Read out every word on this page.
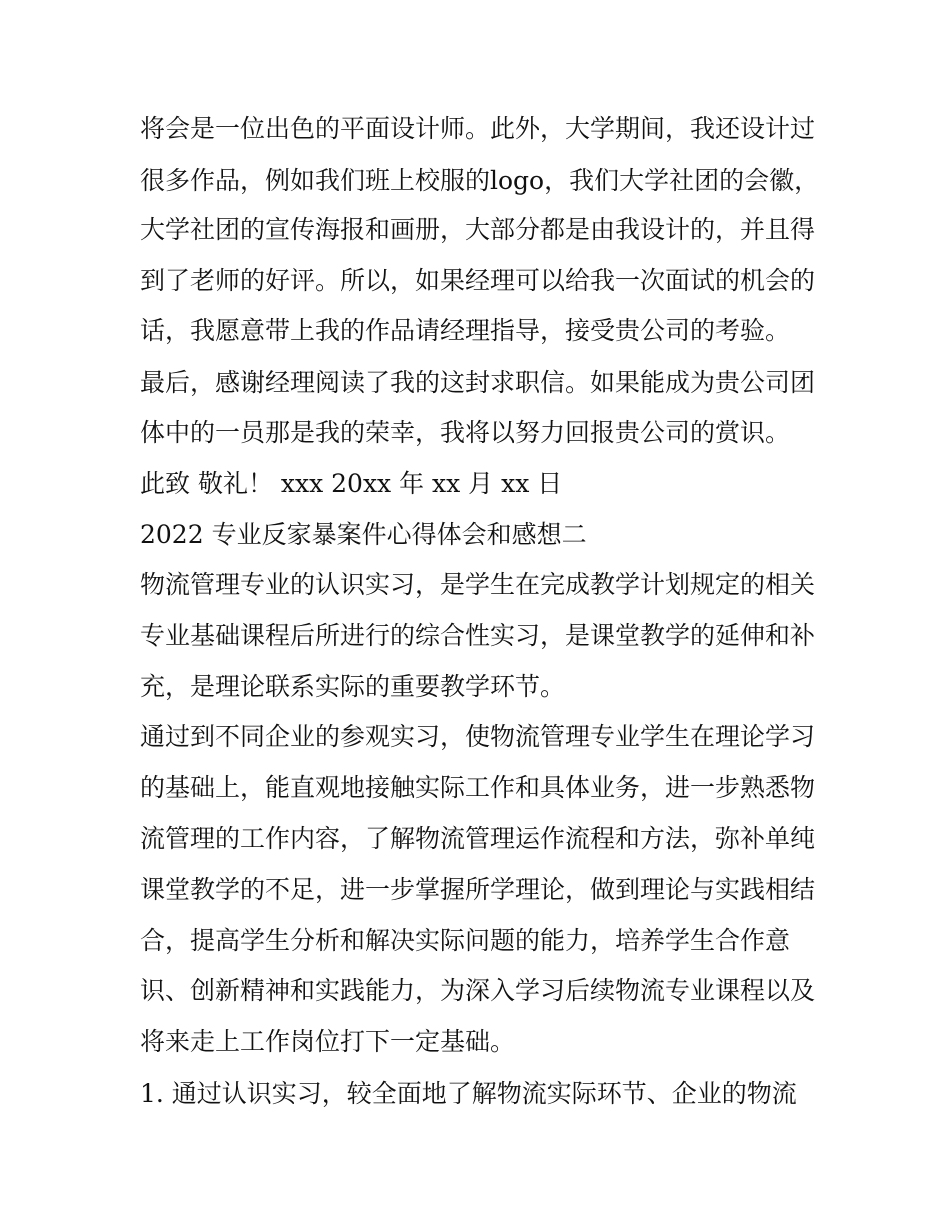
将会是一位出色的平面设计师。此外，大学期间，我还设计过
很多作品，例如我们班上校服的logo，我们大学社团的会徽，
大学社团的宣传海报和画册，大部分都是由我设计的，并且得
到了老师的好评。所以，如果经理可以给我一次面试的机会的
话，我愿意带上我的作品请经理指导，接受贵公司的考验。
最后，感谢经理阅读了我的这封求职信。如果能成为贵公司团
体中的一员那是我的荣幸，我将以努力回报贵公司的赏识。
此致 敬礼！ xxx 20xx 年 xx 月 xx 日
2022 专业反家暴案件心得体会和感想二
物流管理专业的认识实习，是学生在完成教学计划规定的相关
专业基础课程后所进行的综合性实习，是课堂教学的延伸和补
充，是理论联系实际的重要教学环节。
通过到不同企业的参观实习，使物流管理专业学生在理论学习
的基础上，能直观地接触实际工作和具体业务，进一步熟悉物
流管理的工作内容，了解物流管理运作流程和方法，弥补单纯
课堂教学的不足，进一步掌握所学理论，做到理论与实践相结
合，提高学生分析和解决实际问题的能力，培养学生合作意
识、创新精神和实践能力，为深入学习后续物流专业课程以及
将来走上工作岗位打下一定基础。
1. 通过认识实习，较全面地了解物流实际环节、企业的物流
